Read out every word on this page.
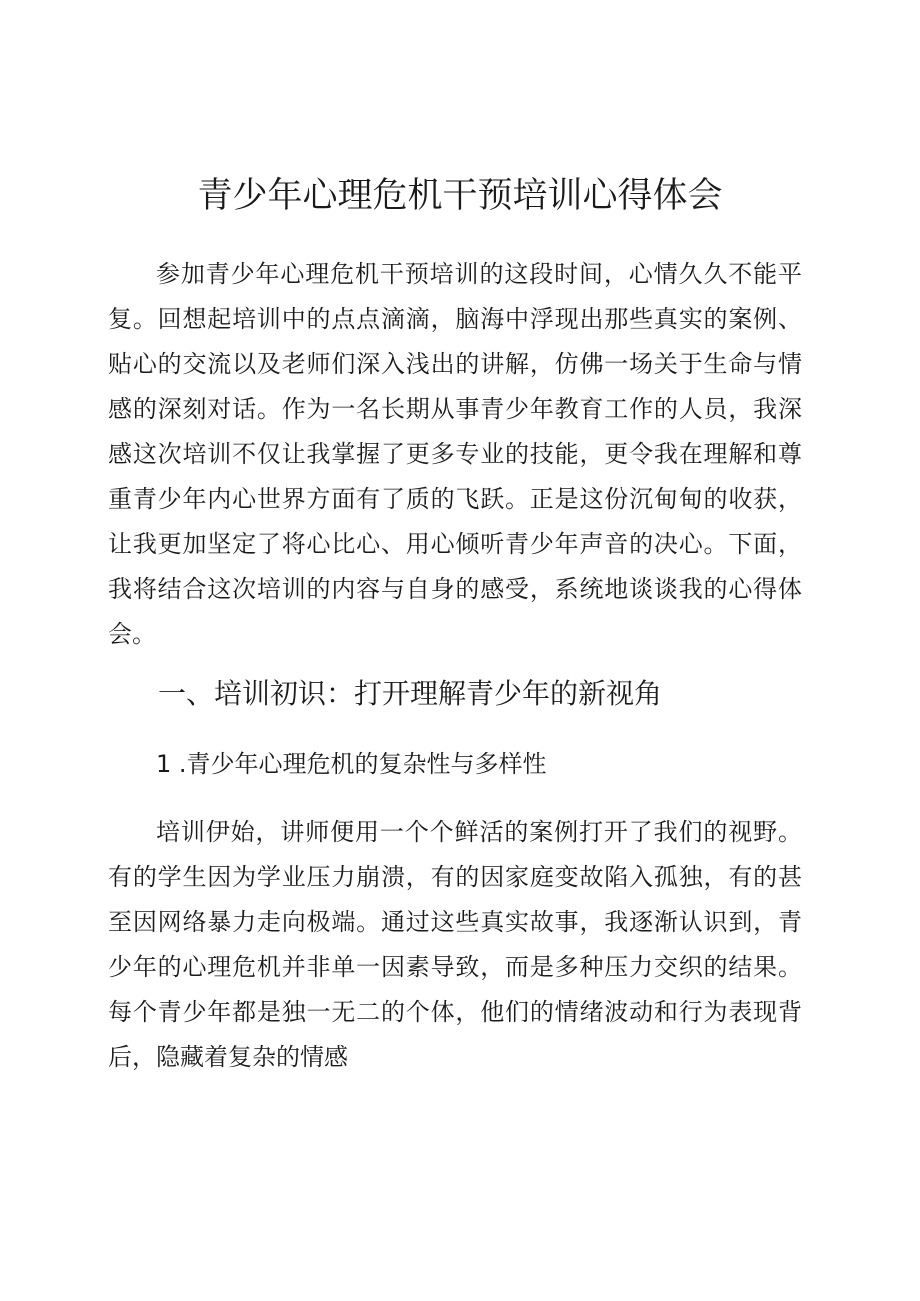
青少年心理危机干预培训心得体会

参加青少年心理危机干预培训的这段时间，心情久久不能平复。回想起培训中的点点滴滴，脑海中浮现出那些真实的案例、贴心的交流以及老师们深入浅出的讲解，仿佛一场关于生命与情感的深刻对话。作为一名长期从事青少年教育工作的人员，我深感这次培训不仅让我掌握了更多专业的技能，更令我在理解和尊重青少年内心世界方面有了质的飞跃。正是这份沉甸甸的收获，让我更加坚定了将心比心、用心倾听青少年声音的决心。下面，我将结合这次培训的内容与自身的感受，系统地谈谈我的心得体会。

一、培训初识：打开理解青少年的新视角
1 .青少年心理危机的复杂性与多样性

培训伊始，讲师便用一个个鲜活的案例打开了我们的视野。有的学生因为学业压力崩溃，有的因家庭变故陷入孤独，有的甚至因网络暴力走向极端。通过这些真实故事，我逐渐认识到，青少年的心理危机并非单一因素导致，而是多种压力交织的结果。每个青少年都是独一无二的个体，他们的情绪波动和行为表现背后，隐藏着复杂的情感
